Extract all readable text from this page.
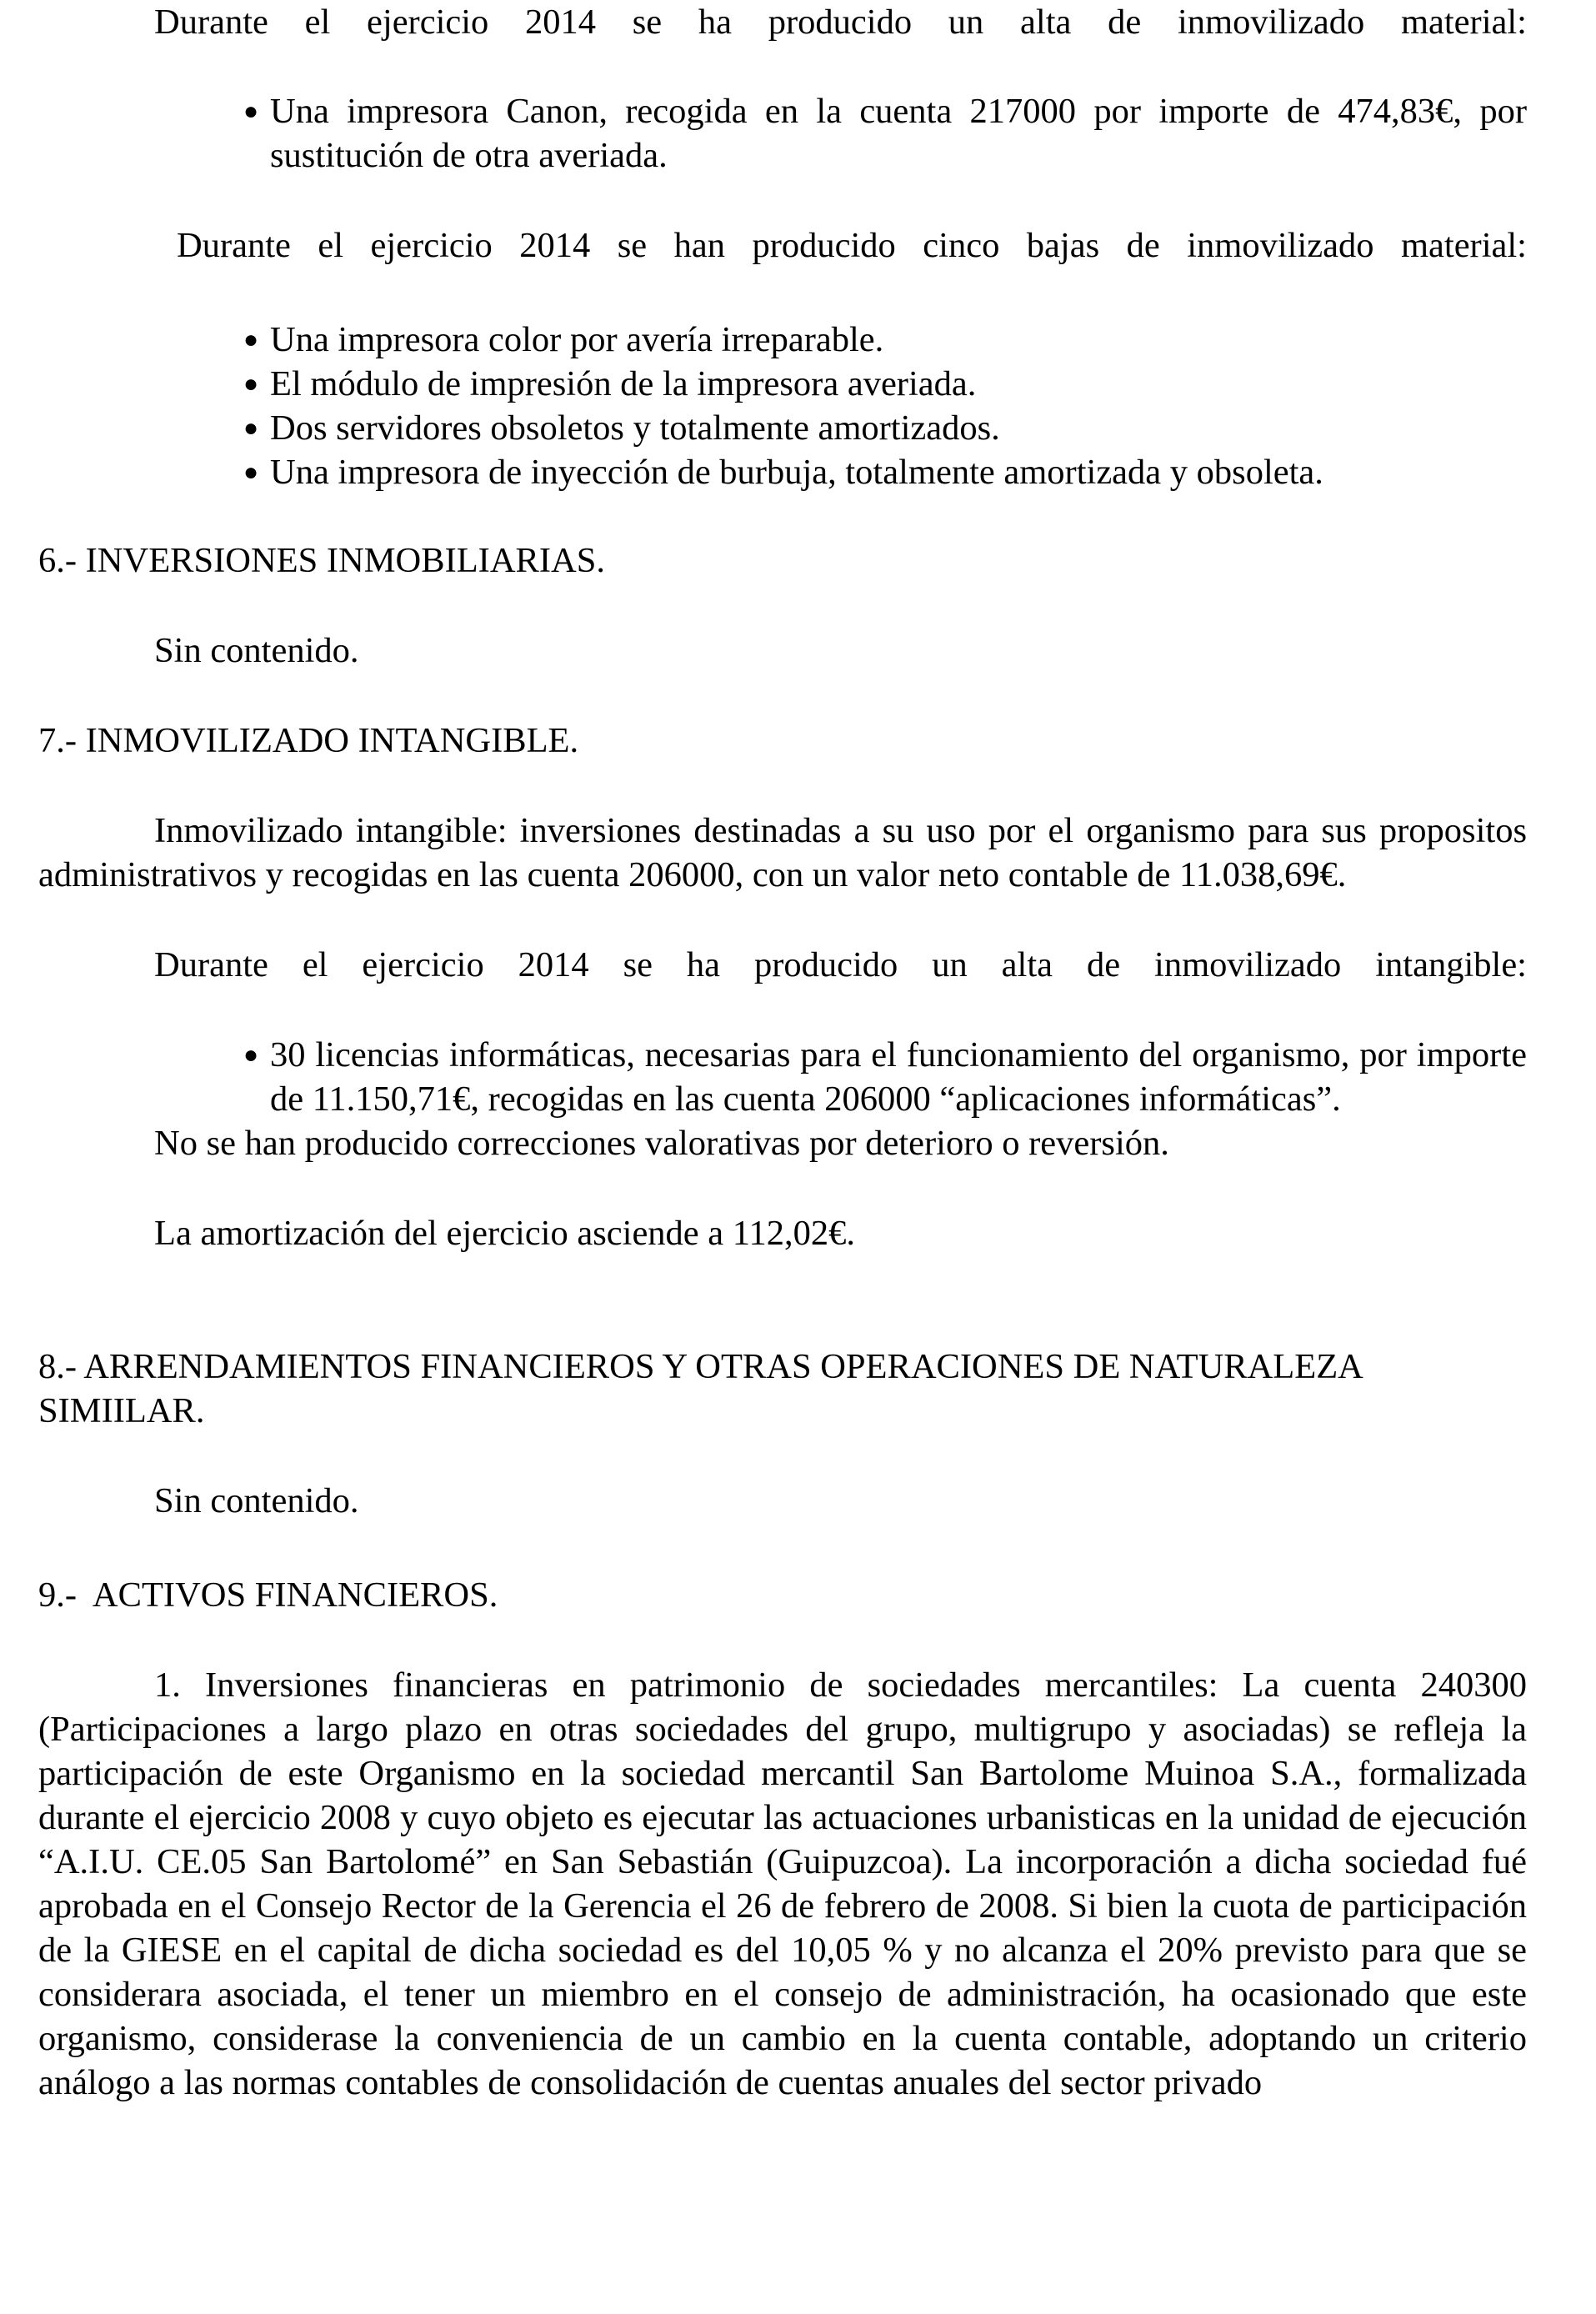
Durante el ejercicio 2014 se ha producido un alta de inmovilizado material:

● Una impresora Canon, recogida en la cuenta 217000 por importe de 474,83€, por sustitución de otra averiada.

Durante el ejercicio 2014 se han producido cinco bajas de inmovilizado material:

● Una impresora color por avería irreparable.
● El módulo de impresión de la impresora averiada.
● Dos servidores obsoletos y totalmente amortizados.
● Una impresora de inyección de burbuja, totalmente amortizada y obsoleta.
6.- INVERSIONES INMOBILIARIAS.

Sin contenido.

7.- INMOVILIZADO INTANGIBLE.

Inmovilizado intangible: inversiones destinadas a su uso por el organismo para sus propositos administrativos y recogidas en las cuenta 206000, con un valor neto contable de 11.038,69€.

Durante el ejercicio 2014 se ha producido un alta de inmovilizado intangible:

● 30 licencias informáticas, necesarias para el funcionamiento del organismo, por importe de 11.150,71€, recogidas en las cuenta 206000 “aplicaciones informáticas”.

No se han producido correcciones valorativas por deterioro o reversión.

La amortización del ejercicio asciende a 112,02€.

8.- ARRENDAMIENTOS FINANCIEROS Y OTRAS OPERACIONES DE NATURALEZA SIMIILAR.

Sin contenido.

9.-  ACTIVOS FINANCIEROS.

1. Inversiones financieras en patrimonio de sociedades mercantiles: La cuenta 240300 (Participaciones a largo plazo en otras sociedades del grupo, multigrupo y asociadas) se refleja la participación de este Organismo en la sociedad mercantil San Bartolome Muinoa S.A., formalizada durante el ejercicio 2008 y cuyo objeto es ejecutar las actuaciones urbanisticas en la unidad de ejecución “A.I.U. CE.05 San Bartolomé” en San Sebastián (Guipuzcoa). La incorporación a dicha sociedad fué aprobada en el Consejo Rector de la Gerencia el 26 de febrero de 2008. Si bien la cuota de participación de la GIESE en el capital de dicha sociedad es del 10,05 % y no alcanza el 20% previsto para que se considerara asociada, el tener un miembro en el consejo de administración, ha ocasionado que este organismo, considerase la conveniencia de un cambio en la cuenta contable, adoptando un criterio análogo a las normas contables de consolidación de cuentas anuales del sector privado
